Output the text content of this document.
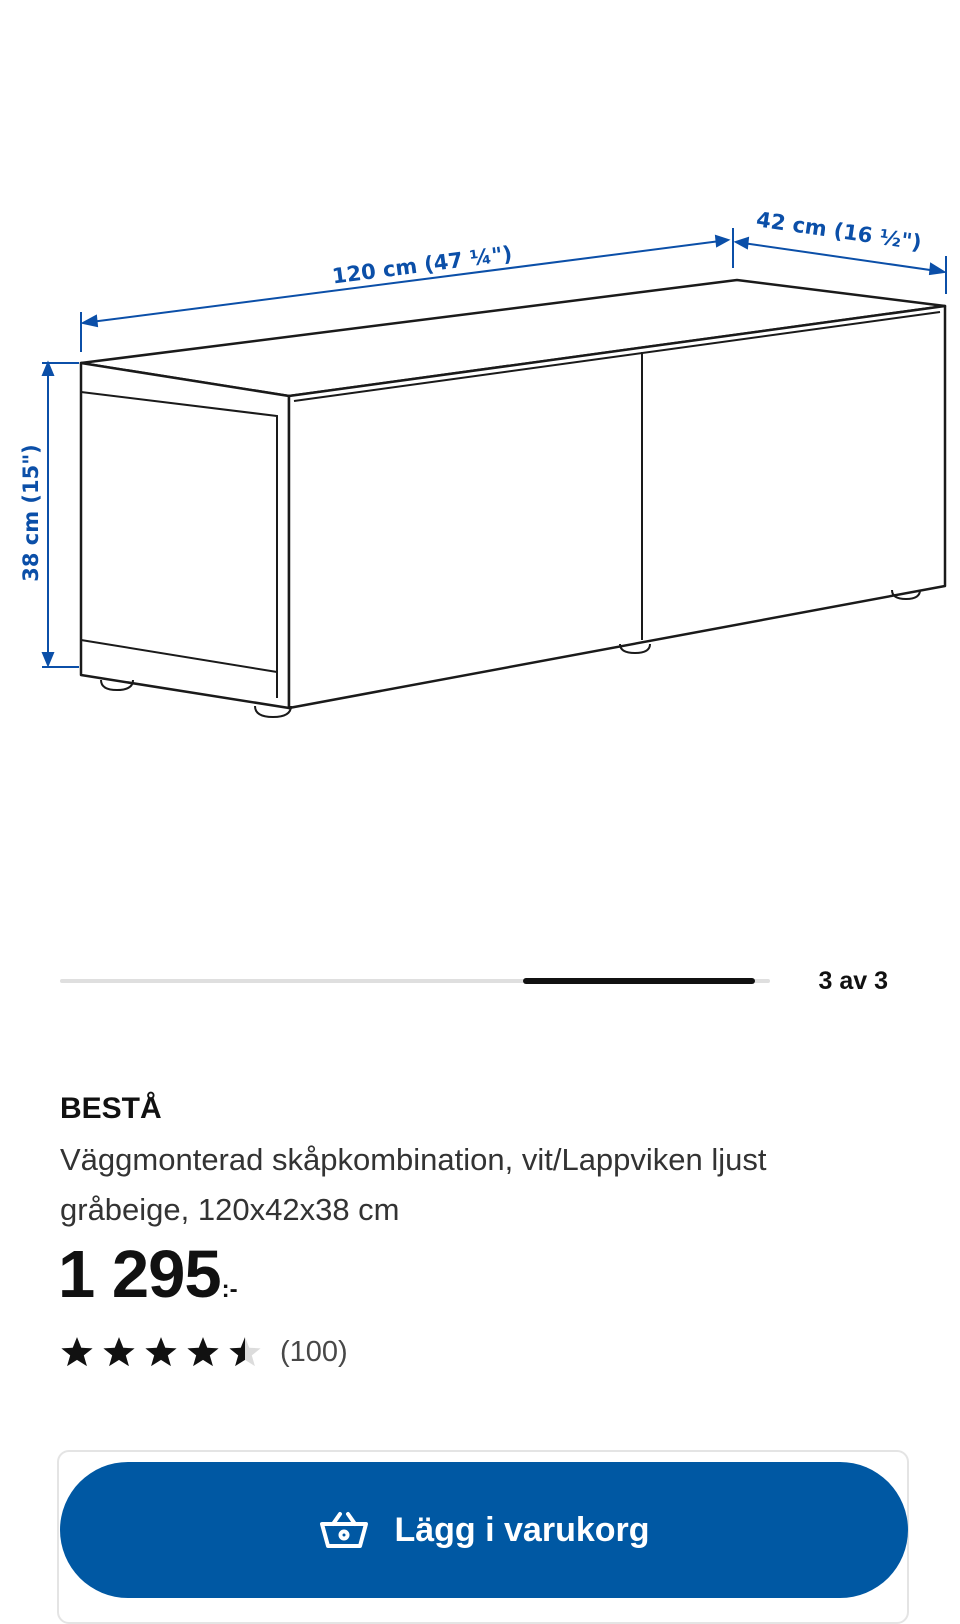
120 cm (47 ¼")
42 cm (16 ½")
38 cm (15")
3 av 3
BESTÅ
Väggmonterad skåpkombination, vit/Lappviken ljust gråbeige, 120x42x38 cm
1 295 :-
(100)
Lägg i varukorg
